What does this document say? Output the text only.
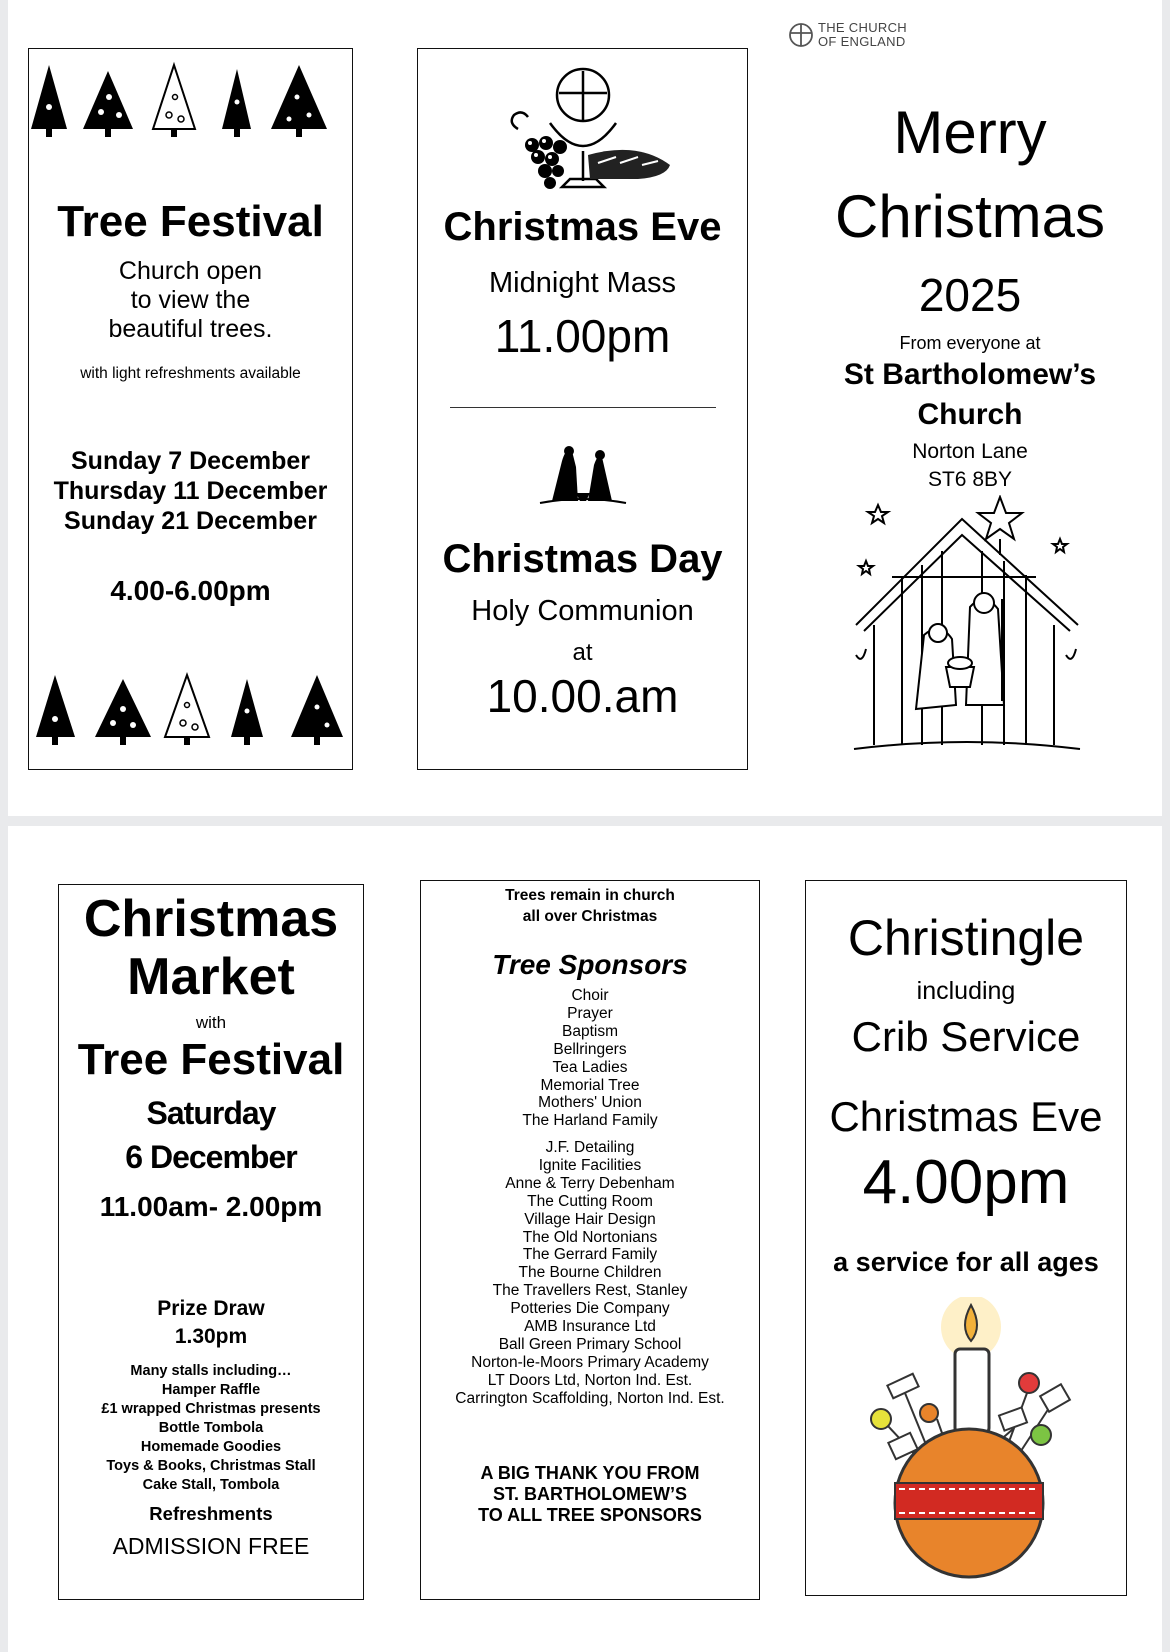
Tree Festival
Church open
to view the
beautiful trees.
with light refreshments available
Sunday 7 December
Thursday 11 December
Sunday 21 December
4.00-6.00pm
Christmas Eve
Midnight Mass
11.00pm
Christmas Day
Holy Communion
at
10.00.am
THE CHURCH
OF ENGLAND
Merry
Christmas
2025
From everyone at
St Bartholomew’s
Church
Norton Lane
ST6 8BY
Christmas
Market
with
Tree Festival
Saturday
6 December
11.00am- 2.00pm
Prize Draw
1.30pm
Many stalls including…
Hamper Raffle
£1 wrapped Christmas presents
Bottle Tombola
Homemade Goodies
Toys & Books, Christmas Stall
Cake Stall, Tombola
Refreshments
ADMISSION FREE
Trees remain in church
all over Christmas
Tree Sponsors

Choir

Prayer

Baptism

Bellringers

Tea Ladies

Memorial Tree

Mothers' Union

The Harland Family

J.F. Detailing

Ignite Facilities

Anne & Terry Debenham

The Cutting Room

Village Hair Design

The Old Nortonians

The Gerrard Family

The Bourne Children

The Travellers Rest, Stanley

Potteries Die Company

AMB Insurance Ltd

Ball Green Primary School

Norton-le-Moors Primary Academy

LT Doors Ltd, Norton Ind. Est.

Carrington Scaffolding, Norton Ind. Est.

A BIG THANK YOU FROM
ST. BARTHOLOMEW’S
TO ALL TREE SPONSORS
Christingle
including
Crib Service
Christmas Eve
4.00pm
a service for all ages
